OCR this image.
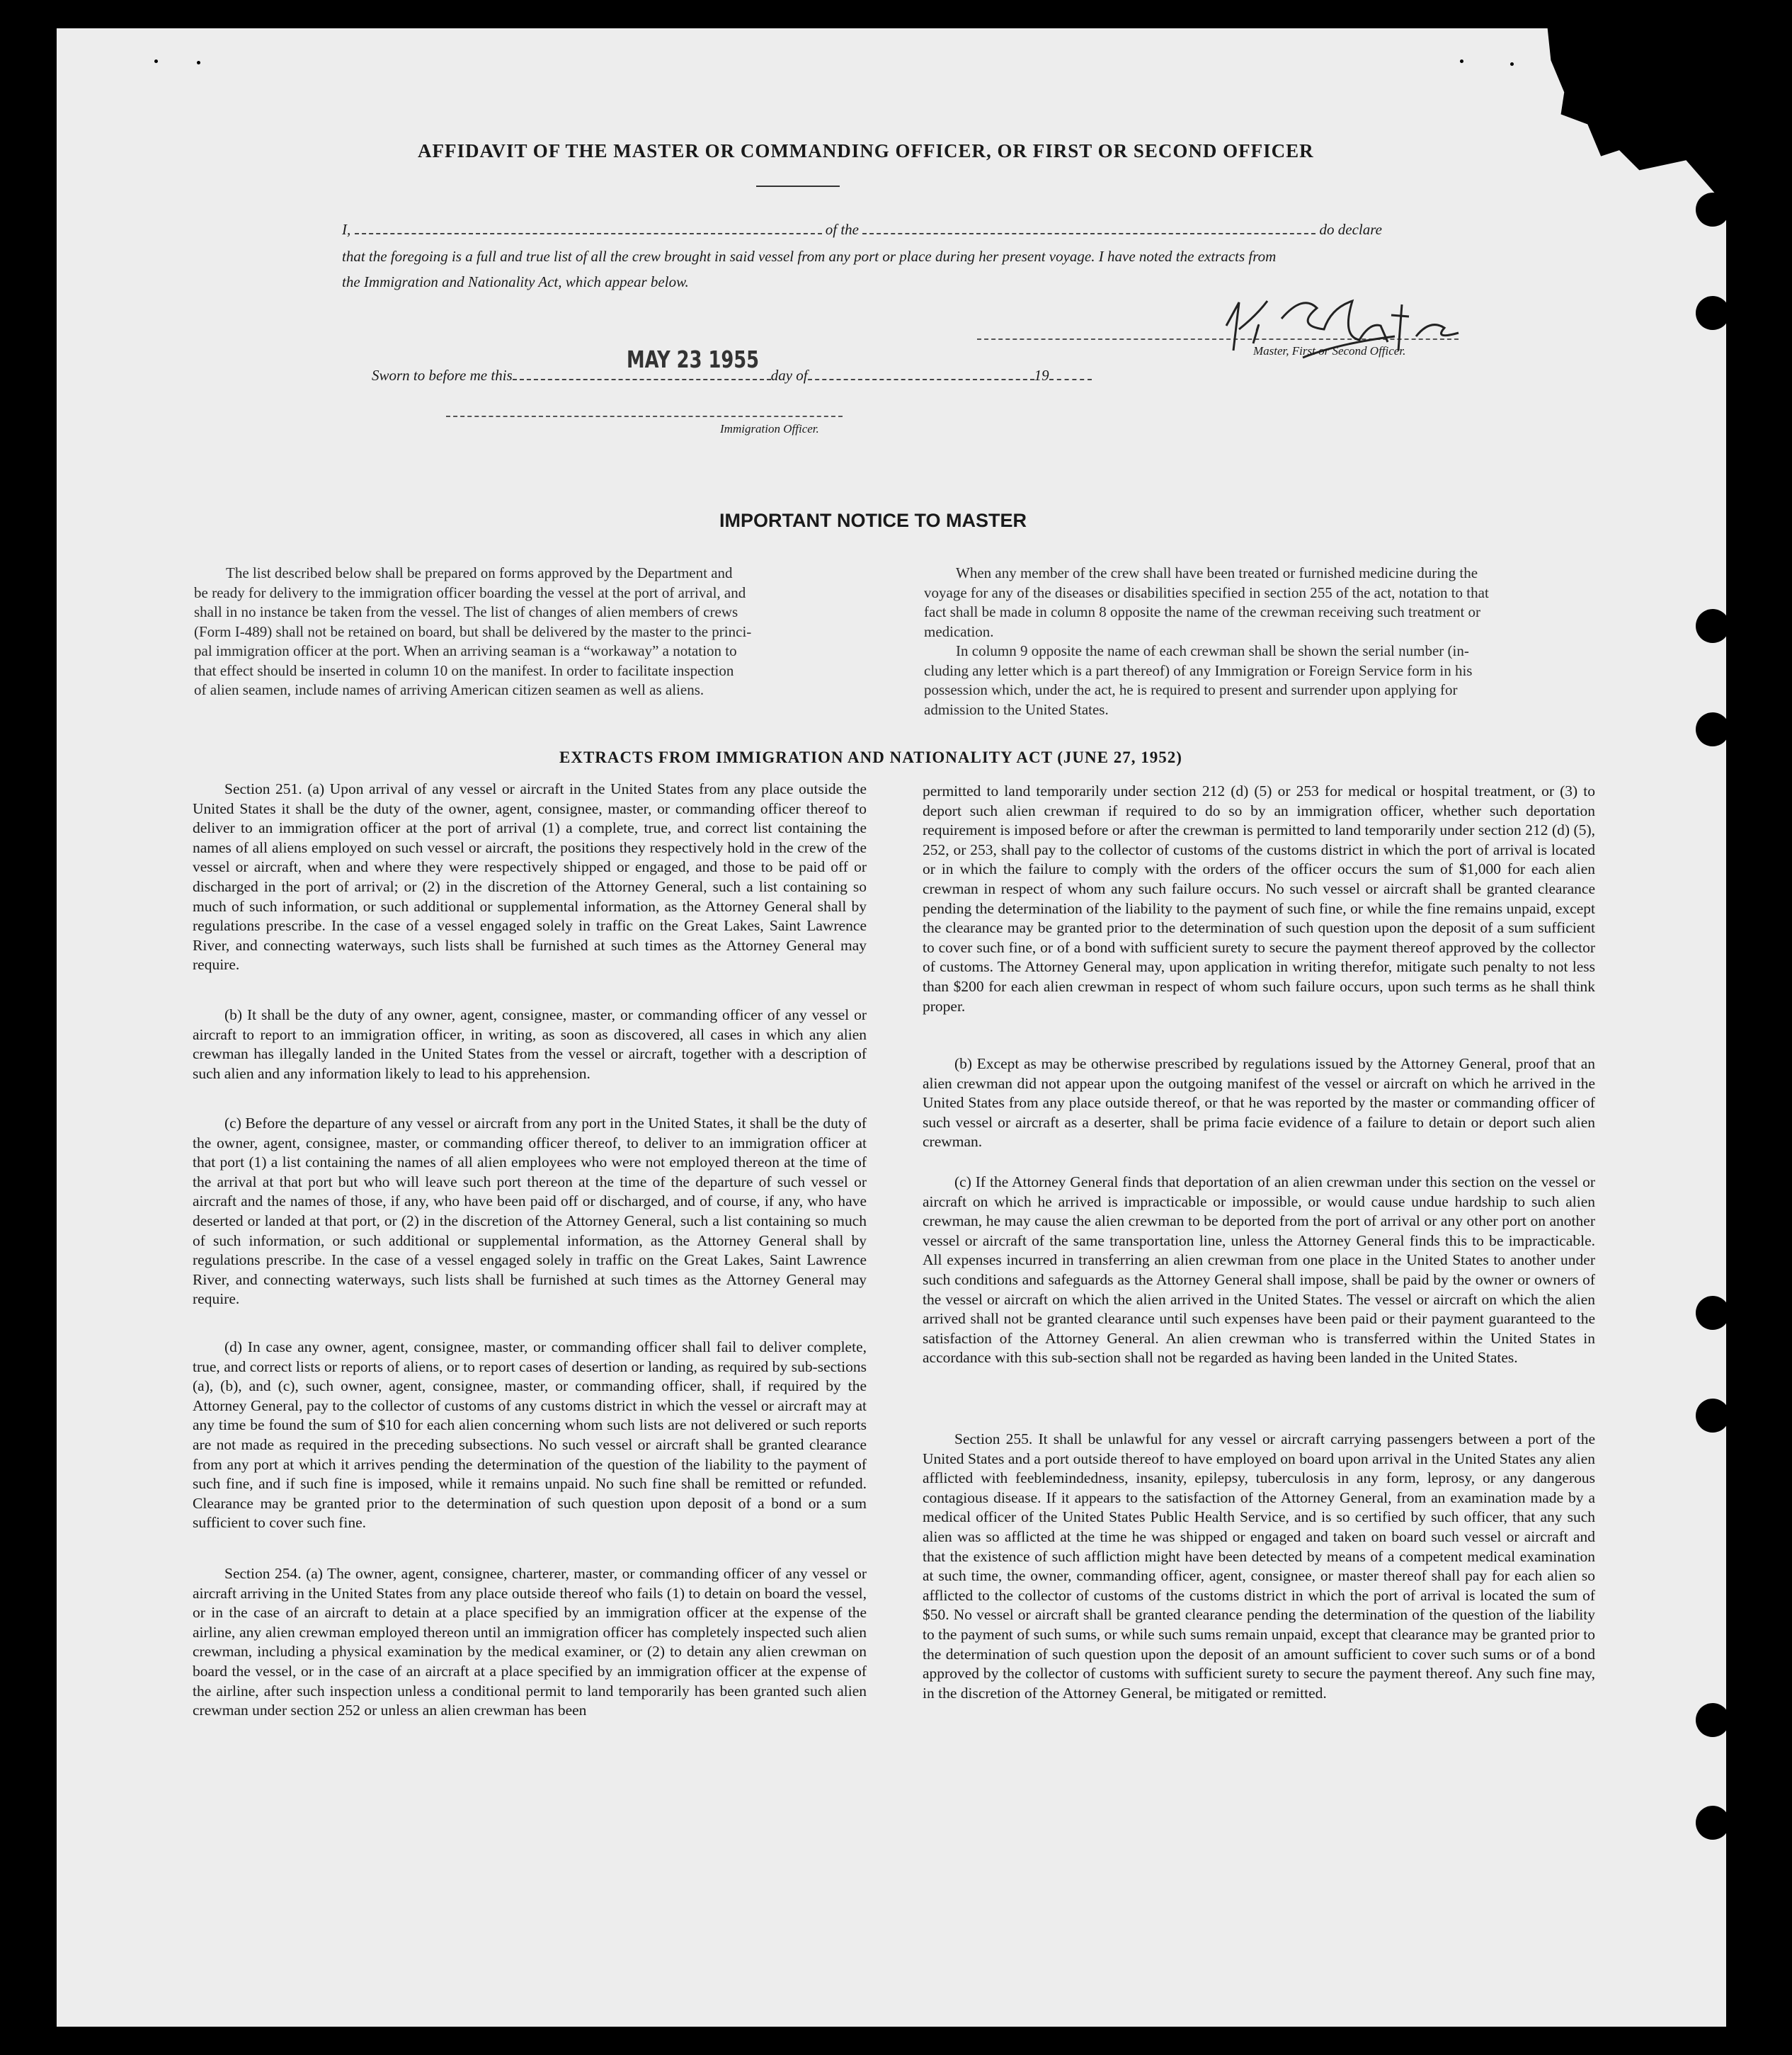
AFFIDAVIT OF THE MASTER OR COMMANDING OFFICER, OR FIRST OR SECOND OFFICER
I,	of the	do declare
that the foregoing is a full and true list of all the crew brought in said vessel from any port or place during her present voyage. I have noted the extracts from
the Immigration and Nationality Act, which appear below.
Master, First or Second Officer.
Sworn to before me this	day of	19
MAY 23 1955
Immigration Officer.
IMPORTANT NOTICE TO MASTER
The list described below shall be prepared on forms approved by the Department and
be ready for delivery to the immigration officer boarding the vessel at the port of arrival, and
shall in no instance be taken from the vessel. The list of changes of alien members of crews
(Form I-489) shall not be retained on board, but shall be delivered by the master to the princi-
pal immigration officer at the port. When an arriving seaman is a “workaway” a notation to
that effect should be inserted in column 10 on the manifest. In order to facilitate inspection
of alien seamen, include names of arriving American citizen seamen as well as aliens.
When any member of the crew shall have been treated or furnished medicine during the
voyage for any of the diseases or disabilities specified in section 255 of the act, notation to that
fact shall be made in column 8 opposite the name of the crewman receiving such treatment or
medication.
In column 9 opposite the name of each crewman shall be shown the serial number (in-
cluding any letter which is a part thereof) of any Immigration or Foreign Service form in his
possession which, under the act, he is required to present and surrender upon applying for
admission to the United States.
EXTRACTS FROM IMMIGRATION AND NATIONALITY ACT (JUNE 27, 1952)
Section 251. (a) Upon arrival of any vessel or aircraft in the United States from any place outside the United States it shall be the duty of the owner, agent, consignee, master, or commanding officer thereof to deliver to an immigration officer at the port of arrival (1) a complete, true, and correct list containing the names of all aliens employed on such vessel or aircraft, the positions they respectively hold in the crew of the vessel or aircraft, when and where they were respectively shipped or engaged, and those to be paid off or discharged in the port of arrival; or (2) in the discretion of the Attorney General, such a list containing so much of such information, or such additional or supplemental information, as the Attorney General shall by regulations prescribe. In the case of a vessel engaged solely in traffic on the Great Lakes, Saint Lawrence River, and connecting waterways, such lists shall be furnished at such times as the Attorney General may require.
(b) It shall be the duty of any owner, agent, consignee, master, or commanding officer of any vessel or aircraft to report to an immigration officer, in writing, as soon as discovered, all cases in which any alien crewman has illegally landed in the United States from the vessel or aircraft, together with a description of such alien and any information likely to lead to his apprehension.
(c) Before the departure of any vessel or aircraft from any port in the United States, it shall be the duty of the owner, agent, consignee, master, or commanding officer thereof, to deliver to an immigration officer at that port (1) a list containing the names of all alien employees who were not employed thereon at the time of the arrival at that port but who will leave such port thereon at the time of the departure of such vessel or aircraft and the names of those, if any, who have been paid off or discharged, and of course, if any, who have deserted or landed at that port, or (2) in the discretion of the Attorney General, such a list containing so much of such information, or such additional or supplemental information, as the Attorney General shall by regulations prescribe. In the case of a vessel engaged solely in traffic on the Great Lakes, Saint Lawrence River, and connecting waterways, such lists shall be furnished at such times as the Attorney General may require.
(d) In case any owner, agent, consignee, master, or commanding officer shall fail to deliver complete, true, and correct lists or reports of aliens, or to report cases of desertion or landing, as required by sub-sections (a), (b), and (c), such owner, agent, consignee, master, or commanding officer, shall, if required by the Attorney General, pay to the collector of customs of any customs district in which the vessel or aircraft may at any time be found the sum of $10 for each alien concerning whom such lists are not delivered or such reports are not made as required in the preceding subsections. No such vessel or aircraft shall be granted clearance from any port at which it arrives pending the determination of the question of the liability to the payment of such fine, and if such fine is imposed, while it remains unpaid. No such fine shall be remitted or refunded. Clearance may be granted prior to the determination of such question upon deposit of a bond or a sum sufficient to cover such fine.
Section 254. (a) The owner, agent, consignee, charterer, master, or commanding officer of any vessel or aircraft arriving in the United States from any place outside thereof who fails (1) to detain on board the vessel, or in the case of an aircraft to detain at a place specified by an immigration officer at the expense of the airline, any alien crewman employed thereon until an immigration officer has completely inspected such alien crewman, including a physical examination by the medical examiner, or (2) to detain any alien crewman on board the vessel, or in the case of an aircraft at a place specified by an immigration officer at the expense of the airline, after such inspection unless a conditional permit to land temporarily has been granted such alien crewman under section 252 or unless an alien crewman has been
permitted to land temporarily under section 212 (d) (5) or 253 for medical or hospital treatment, or (3) to deport such alien crewman if required to do so by an immigration officer, whether such deportation requirement is imposed before or after the crewman is permitted to land temporarily under section 212 (d) (5), 252, or 253, shall pay to the collector of customs of the customs district in which the port of arrival is located or in which the failure to comply with the orders of the officer occurs the sum of $1,000 for each alien crewman in respect of whom any such failure occurs. No such vessel or aircraft shall be granted clearance pending the determination of the liability to the payment of such fine, or while the fine remains unpaid, except the clearance may be granted prior to the determination of such question upon the deposit of a sum sufficient to cover such fine, or of a bond with sufficient surety to secure the payment thereof approved by the collector of customs. The Attorney General may, upon application in writing therefor, mitigate such penalty to not less than $200 for each alien crewman in respect of whom such failure occurs, upon such terms as he shall think proper.
(b) Except as may be otherwise prescribed by regulations issued by the Attorney General, proof that an alien crewman did not appear upon the outgoing manifest of the vessel or aircraft on which he arrived in the United States from any place outside thereof, or that he was reported by the master or commanding officer of such vessel or aircraft as a deserter, shall be prima facie evidence of a failure to detain or deport such alien crewman.
(c) If the Attorney General finds that deportation of an alien crewman under this section on the vessel or aircraft on which he arrived is impracticable or impossible, or would cause undue hardship to such alien crewman, he may cause the alien crewman to be deported from the port of arrival or any other port on another vessel or aircraft of the same transportation line, unless the Attorney General finds this to be impracticable. All expenses incurred in transferring an alien crewman from one place in the United States to another under such conditions and safeguards as the Attorney General shall impose, shall be paid by the owner or owners of the vessel or aircraft on which the alien arrived in the United States. The vessel or aircraft on which the alien arrived shall not be granted clearance until such expenses have been paid or their payment guaranteed to the satisfaction of the Attorney General. An alien crewman who is transferred within the United States in accordance with this sub-section shall not be regarded as having been landed in the United States.
Section 255. It shall be unlawful for any vessel or aircraft carrying passengers between a port of the United States and a port outside thereof to have employed on board upon arrival in the United States any alien afflicted with feeblemindedness, insanity, epilepsy, tuberculosis in any form, leprosy, or any dangerous contagious disease. If it appears to the satisfaction of the Attorney General, from an examination made by a medical officer of the United States Public Health Service, and is so certified by such officer, that any such alien was so afflicted at the time he was shipped or engaged and taken on board such vessel or aircraft and that the existence of such affliction might have been detected by means of a competent medical examination at such time, the owner, commanding officer, agent, consignee, or master thereof shall pay for each alien so afflicted to the collector of customs of the customs district in which the port of arrival is located the sum of $50. No vessel or aircraft shall be granted clearance pending the determination of the question of the liability to the payment of such sums, or while such sums remain unpaid, except that clearance may be granted prior to the determination of such question upon the deposit of an amount sufficient to cover such sums or of a bond approved by the collector of customs with sufficient surety to secure the payment thereof. Any such fine may, in the discretion of the Attorney General, be mitigated or remitted.
